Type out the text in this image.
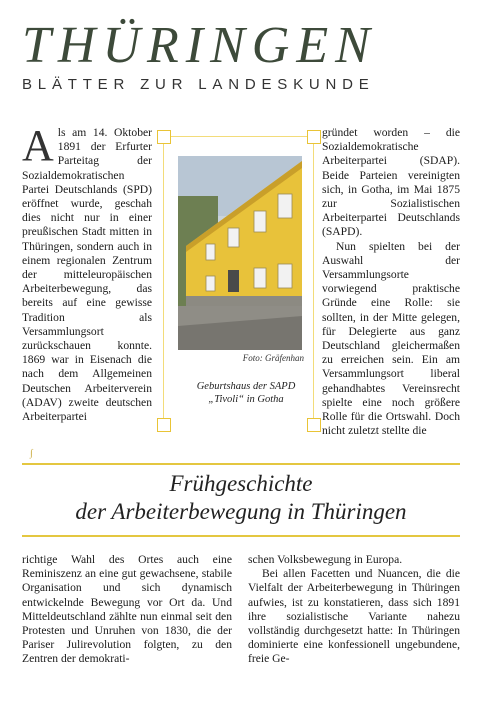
THÜRINGEN
BLÄTTER ZUR LANDESKUNDE
A ls am 14. Oktober 1891 der Erfurter Parteitag der Sozialdemokratischen Partei Deutschlands (SPD) eröffnet wurde, geschah dies nicht nur in einer preußischen Stadt mitten in Thüringen, sondern auch in einem regionalen Zentrum der mitteleuropäischen Arbeiterbewegung, das bereits auf eine gewisse Tradition als Versammlungsort zurückschauen konnte. 1869 war in Eisenach die nach dem Allgemeinen Deutschen Arbeiterverein (ADAV) zweite deutschen Arbeiterpartei

Foto: Gräfenhan
Geburtshaus der SAPD
„Tivoli“ in Gotha

gründet worden – die Sozialdemokratische Arbeiterpartei (SDAP). Beide Parteien vereinigten sich, in Gotha, im Mai 1875 zur Sozialistischen Arbeiterpartei Deutschlands (SAPD).

Nun spielten bei der Auswahl der Versammlungsorte vorwiegend praktische Gründe eine Rolle: sie sollten, in der Mitte gelegen, für Delegierte aus ganz Deutschland gleichermaßen zu erreichen sein. Ein am Versammlungsort liberal gehandhabtes Vereinsrecht spielte eine noch größere Rolle für die Ortswahl. Doch nicht zuletzt stellte die

∫
Frühgeschichte
der Arbeiterbewegung in Thüringen

richtige Wahl des Ortes auch eine Reminiszenz an eine gut gewachsene, stabile Organisation und sich dynamisch entwickelnde Bewegung vor Ort da. Und Mitteldeutschland zählte nun einmal seit den Protesten und Unruhen von 1830, die der Pariser Julirevolution folgten, zu den Zentren der demokrati-

schen Volksbewegung in Europa.

Bei allen Facetten und Nuancen, die die Vielfalt der Arbeiterbewegung in Thüringen aufwies, ist zu konstatieren, dass sich 1891 ihre sozialistische Variante nahezu vollständig durchgesetzt hatte: In Thüringen dominierte eine konfessionell ungebundene, freie Ge-
